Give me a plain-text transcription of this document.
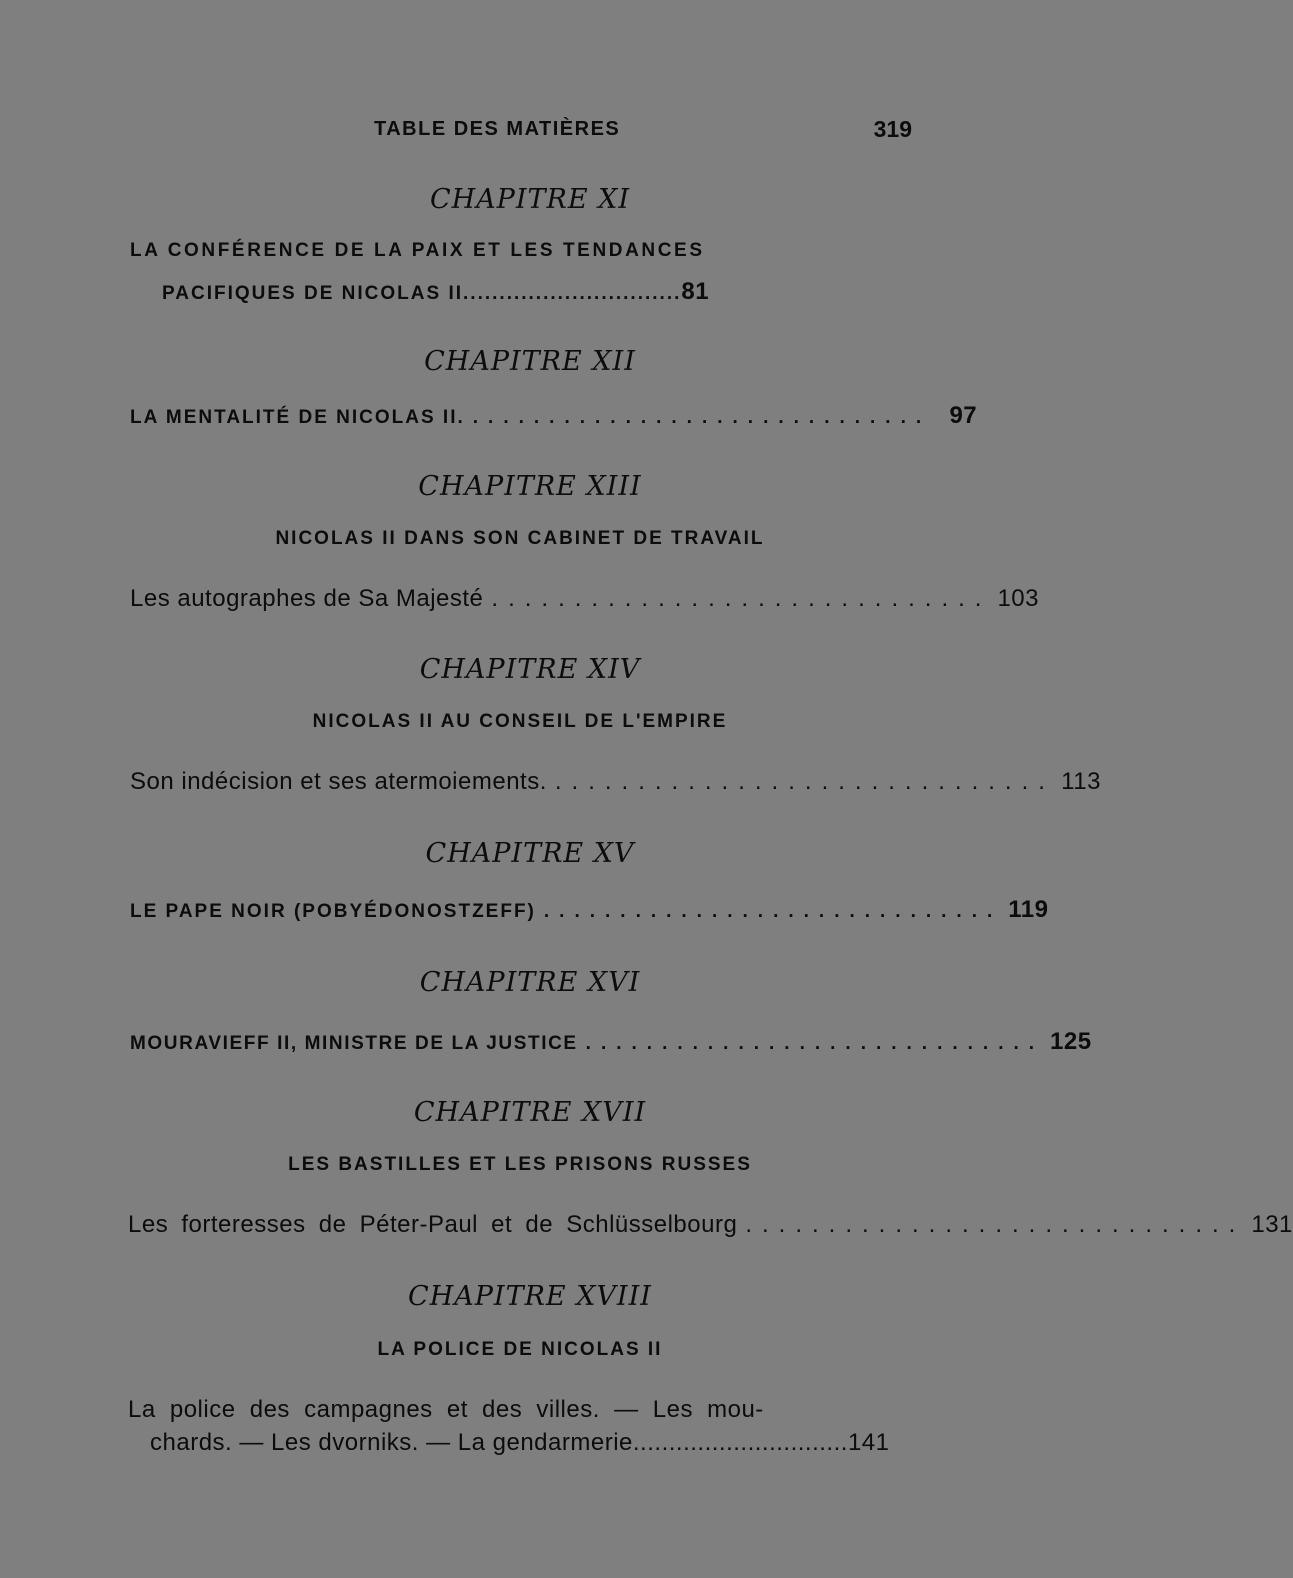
TABLE DES MATIÈRES	319
CHAPITRE XI
LA CONFÉRENCE DE LA PAIX ET LES TENDANCES
PACIFIQUES DE NICOLAS II .............................. 81
CHAPITRE XII
LA MENTALITÉ DE NICOLAS II. .............................. 97
CHAPITRE XIII
NICOLAS II DANS SON CABINET DE TRAVAIL
Les autographes de Sa Majesté .............................. 103
CHAPITRE XIV
NICOLAS II AU CONSEIL DE L'EMPIRE
Son indécision et ses atermoiements. .............................. 113
CHAPITRE XV
LE PAPE NOIR (POBYÉDONOSTZEFF) .............................. 119
CHAPITRE XVI
MOURAVIEFF II, MINISTRE DE LA JUSTICE .............................. 125
CHAPITRE XVII
LES BASTILLES ET LES PRISONS RUSSES
Les forteresses de Péter-Paul et de Schlüsselbourg .............................. 131
CHAPITRE XVIII
LA POLICE DE NICOLAS II
La police des campagnes et des villes. — Les mou-
chards. — Les dvorniks. — La gendarmerie .............................. 141
